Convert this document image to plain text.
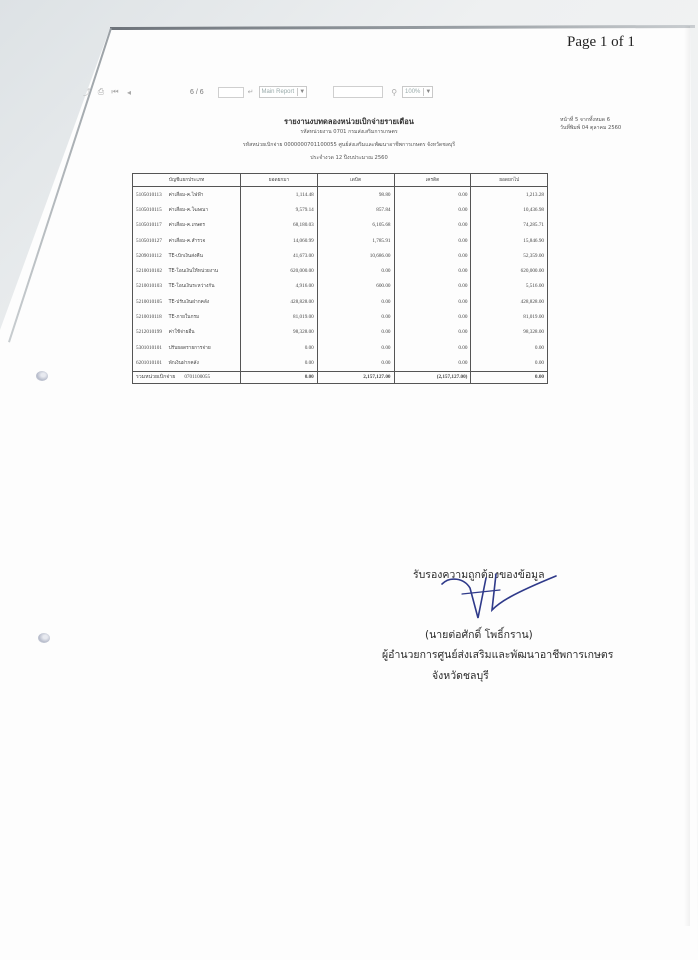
Page 1 of 1
⤴ ⎙ ⏮	◂	6 / 6	↵ Main Report ▼	⚲ 100% ▼
รายงานงบทดลองหน่วยเบิกจ่ายรายเดือน
รหัสหน่วยงาน 0701 กรมส่งเสริมการเกษตร
รหัสหน่วยเบิกจ่าย 0000000701100055 ศูนย์ส่งเสริมและพัฒนาอาชีพการเกษตร จังหวัดชลบุรี
ประจำงวด 12 ปีงบประมาณ 2560
หน้าที่ 5 จากทั้งหมด 6
วันที่พิมพ์ 04 ตุลาคม 2560
บัญชีแยกประเภท	ยอดยกมา	เดบิต	เครดิต	ยอดยกไป
5105010113 ค่าเสื่อม-ค.ไฟฟ้า	1,114.48	98.80	0.00	1,213.28
5105010115 ค่าเสื่อม-ค.โฆษณา	9,579.14	857.84	0.00	10,436.98
5105010117 ค่าเสื่อม-ค.เกษตร	68,180.03	6,105.68	0.00	74,285.71
5105010127 ค่าเสื่อม-ค.สำรวจ	14,060.99	1,785.91	0.00	15,846.90
5209010112 TE-เบิกเงินส่งคืน	41,673.00	10,686.00	0.00	52,359.00
5210010102 TE-โอนเงินให้หน่วยงาน	620,000.00	0.00	0.00	620,000.00
5210010103 TE-โอนเงินระหว่างกัน	4,916.00	600.00	0.00	5,516.00
5210010105 TE-ปรับเงินฝากคลัง	428,828.00	0.00	0.00	428,828.00
5210010118 TE-ภายในกรม	81,019.00	0.00	0.00	81,019.00
5212010199 ค่าใช้จ่ายอื่น	98,328.00	0.00	0.00	98,328.00
5301010101 ปรับยอดรายการจ่าย	0.00	0.00	0.00	0.00
6201010101 พักเงินฝากคลัง	0.00	0.00	0.00	0.00
รวมหน่วยเบิกจ่าย 0701100055	0.00	2,157,127.00	(2,157,127.00)	0.00
รับรองความถูกต้องของข้อมูล
(นายต่อศักดิ์ โพธิ์กราน)
ผู้อำนวยการศูนย์ส่งเสริมและพัฒนาอาชีพการเกษตร
จังหวัดชลบุรี
